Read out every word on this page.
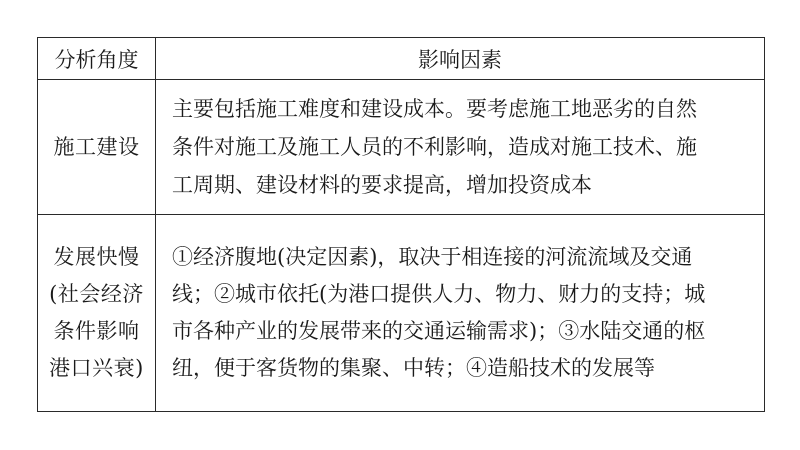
分析角度	影响因素

施工建设	主要包括施工难度和建设成本。要考虑施工地恶劣的自然
条件对施工及施工人员的不利影响，造成对施工技术、施
工周期、建设材料的要求提高，增加投资成本

发展快慢
(社会经济
条件影响
港口兴衰)	①经济腹地(决定因素)，取决于相连接的河流流域及交通
线；②城市依托(为港口提供人力、物力、财力的支持；城
市各种产业的发展带来的交通运输需求)；③水陆交通的枢
纽，便于客货物的集聚、中转；④造船技术的发展等
